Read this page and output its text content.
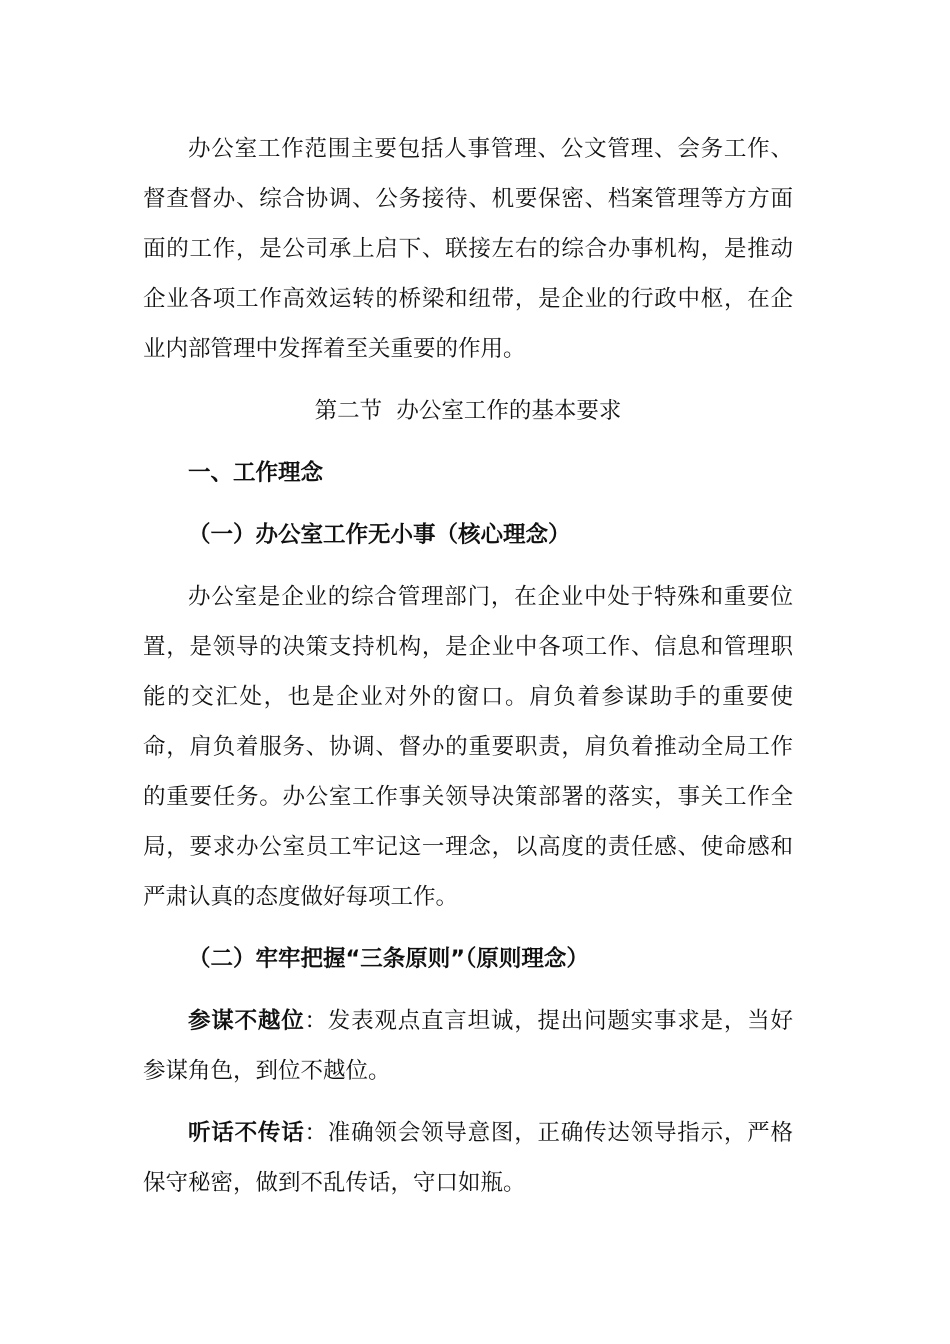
办公室工作范围主要包括人事管理、公文管理、会务工作、督查督办、综合协调、公务接待、机要保密、档案管理等方方面面的工作，是公司承上启下、联接左右的综合办事机构，是推动企业各项工作高效运转的桥梁和纽带，是企业的行政中枢，在企业内部管理中发挥着至关重要的作用。

第二节  办公室工作的基本要求

一、工作理念

（一）办公室工作无小事（核心理念）

办公室是企业的综合管理部门，在企业中处于特殊和重要位置，是领导的决策支持机构，是企业中各项工作、信息和管理职能的交汇处，也是企业对外的窗口。肩负着参谋助手的重要使命，肩负着服务、协调、督办的重要职责，肩负着推动全局工作的重要任务。办公室工作事关领导决策部署的落实，事关工作全局，要求办公室员工牢记这一理念，以高度的责任感、使命感和严肃认真的态度做好每项工作。

（二）牢牢把握“三条原则”（原则理念）

参谋不越位：发表观点直言坦诚，提出问题实事求是，当好参谋角色，到位不越位。

听话不传话：准确领会领导意图，正确传达领导指示，严格保守秘密，做到不乱传话，守口如瓶。
